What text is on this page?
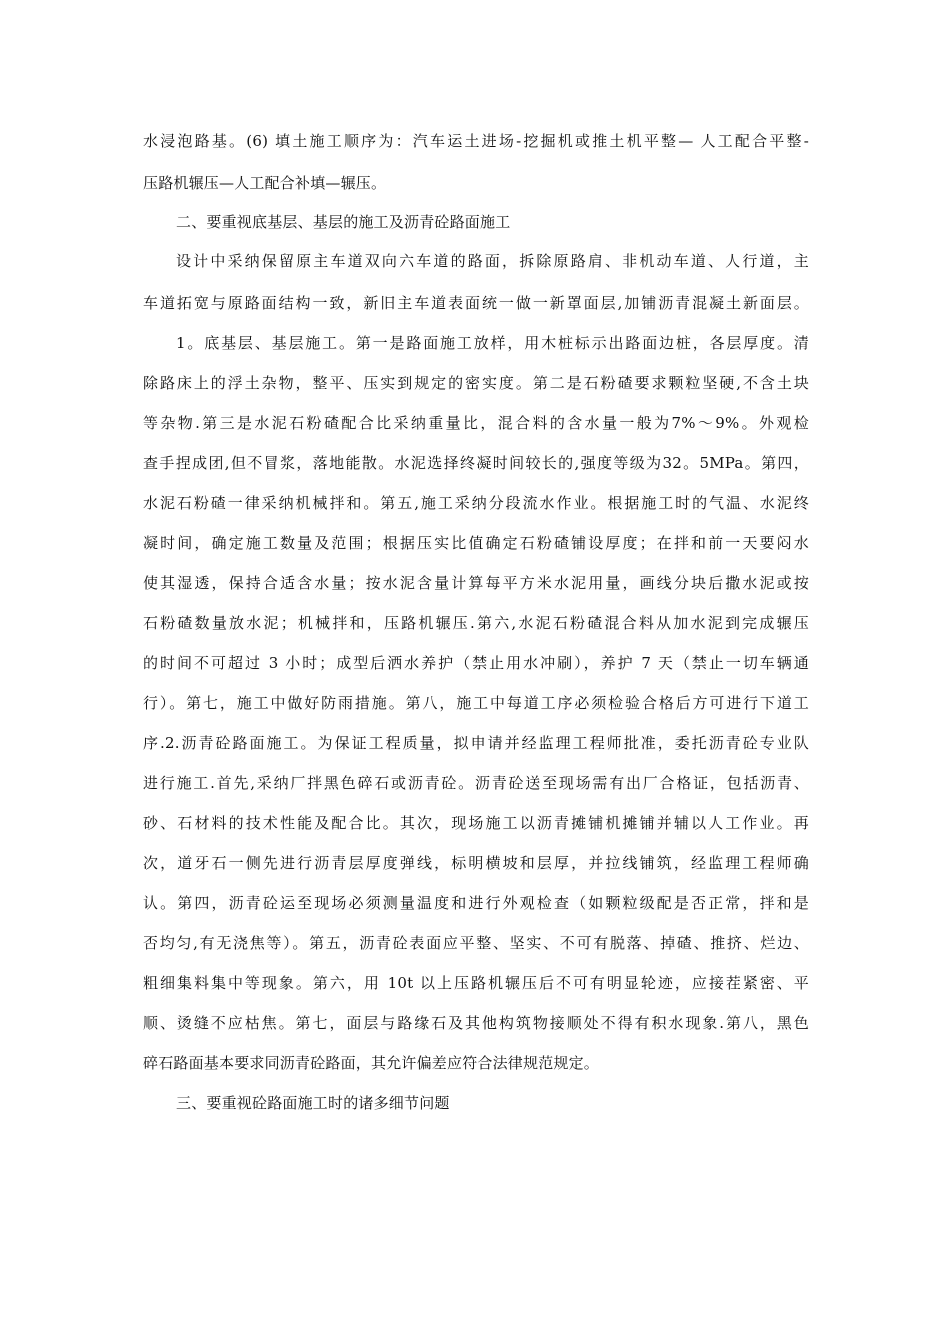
水浸泡路基。(6) 填土施工顺序为：汽车运土进场-挖掘机或推土机平整— 人工配合平整-
压路机辗压—人工配合补填—辗压。
二、要重视底基层、基层的施工及沥青砼路面施工
设计中采纳保留原主车道双向六车道的路面，拆除原路肩、非机动车道、人行道，主
车道拓宽与原路面结构一致，新旧主车道表面统一做一新罩面层,加铺沥青混凝土新面层。
1。底基层、基层施工。第一是路面施工放样，用木桩标示出路面边桩，各层厚度。清
除路床上的浮土杂物，整平、压实到规定的密实度。第二是石粉碴要求颗粒坚硬,不含土块
等杂物.第三是水泥石粉碴配合比采纳重量比，混合料的含水量一般为7%～9%。外观检
查手捏成团,但不冒浆，落地能散。水泥选择终凝时间较长的,强度等级为32。5MPa。第四，
水泥石粉碴一律采纳机械拌和。第五,施工采纳分段流水作业。根据施工时的气温、水泥终
凝时间，确定施工数量及范围；根据压实比值确定石粉碴铺设厚度；在拌和前一天要闷水
使其湿透，保持合适含水量；按水泥含量计算每平方米水泥用量，画线分块后撒水泥或按
石粉碴数量放水泥；机械拌和，压路机辗压.第六,水泥石粉碴混合料从加水泥到完成辗压
的时间不可超过 3 小时；成型后洒水养护（禁止用水冲刷），养护 7 天（禁止一切车辆通
行）。第七，施工中做好防雨措施。第八，施工中每道工序必须检验合格后方可进行下道工
序.2.沥青砼路面施工。为保证工程质量，拟申请并经监理工程师批准，委托沥青砼专业队
进行施工.首先,采纳厂拌黑色碎石或沥青砼。沥青砼送至现场需有出厂合格证，包括沥青、
砂、石材料的技术性能及配合比。其次，现场施工以沥青摊铺机摊铺并辅以人工作业。再
次，道牙石一侧先进行沥青层厚度弹线，标明横坡和层厚，并拉线铺筑，经监理工程师确
认。第四，沥青砼运至现场必须测量温度和进行外观检查（如颗粒级配是否正常，拌和是
否均匀,有无浇焦等）。第五，沥青砼表面应平整、坚实、不可有脱落、掉碴、推挤、烂边、
粗细集料集中等现象。第六，用 10t 以上压路机辗压后不可有明显轮迹，应接茬紧密、平
顺、烫缝不应枯焦。第七，面层与路缘石及其他构筑物接顺处不得有积水现象.第八，黑色
碎石路面基本要求同沥青砼路面，其允许偏差应符合法律规范规定。
三、要重视砼路面施工时的诸多细节问题
